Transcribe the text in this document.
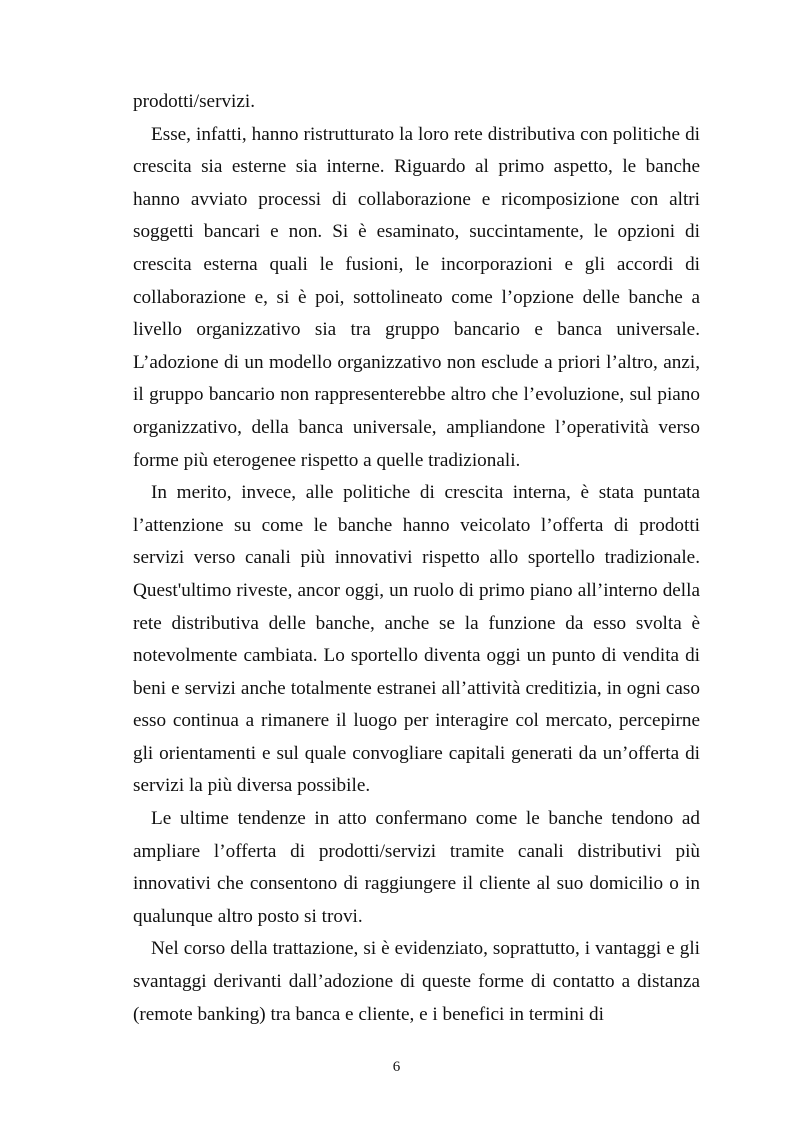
prodotti/servizi.

Esse, infatti, hanno ristrutturato la loro rete distributiva con politiche di crescita sia esterne sia interne. Riguardo al primo aspetto, le banche hanno avviato processi di collaborazione e ricomposizione con altri soggetti bancari e non. Si è esaminato, succintamente, le opzioni di crescita esterna quali le fusioni, le incorporazioni e gli accordi di collaborazione e, si è poi, sottolineato come l’opzione delle banche a livello organizzativo sia tra gruppo bancario e banca universale. L’adozione di un modello organizzativo non esclude a priori l’altro, anzi, il gruppo bancario non rappresenterebbe altro che l’evoluzione, sul piano organizzativo, della banca universale, ampliandone l’operatività verso forme più eterogenee rispetto a quelle tradizionali.

In merito, invece, alle politiche di crescita interna, è stata puntata l’attenzione su come le banche hanno veicolato l’offerta di prodotti servizi verso canali più innovativi rispetto allo sportello tradizionale. Quest'ultimo riveste, ancor oggi, un ruolo di primo piano all’interno della rete distributiva delle banche, anche se la funzione da esso svolta è notevolmente cambiata. Lo sportello diventa oggi un punto di vendita di beni e servizi anche totalmente estranei all’attività creditizia, in ogni caso esso continua a rimanere il luogo per interagire col mercato, percepirne gli orientamenti e sul quale convogliare capitali generati da un’offerta di servizi la più diversa possibile.

Le ultime tendenze in atto confermano come le banche tendono ad ampliare l’offerta di prodotti/servizi tramite canali distributivi più innovativi che consentono di raggiungere il cliente al suo domicilio o in qualunque altro posto si trovi.

Nel corso della trattazione, si è evidenziato, soprattutto, i vantaggi e gli svantaggi derivanti dall’adozione di queste forme di contatto a distanza (remote banking) tra banca e cliente, e i benefici in termini di

6
